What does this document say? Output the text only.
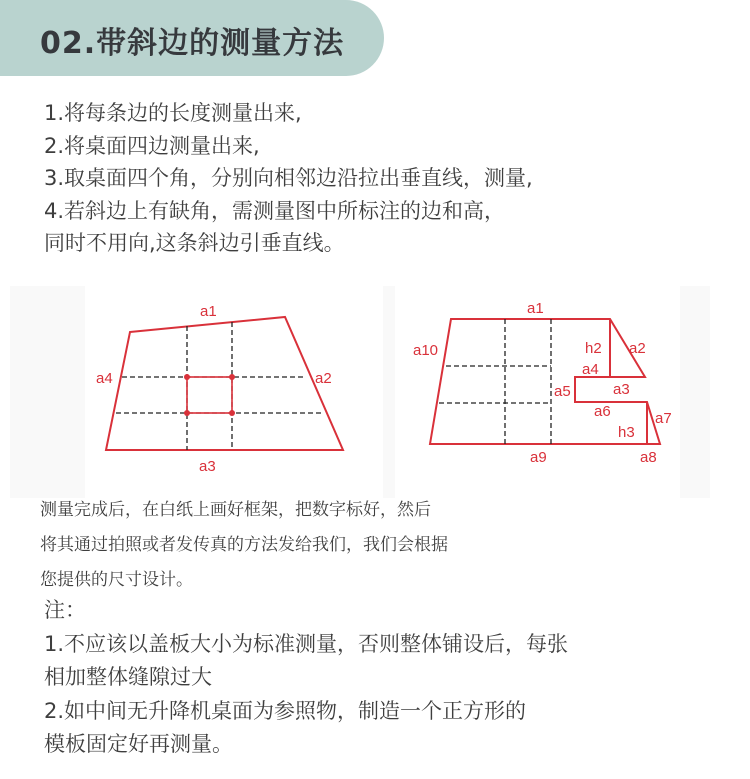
02.带斜边的测量方法
1.将每条边的长度测量出来,
2.将桌面四边测量出来,
3.取桌面四个角，分别向相邻边沿拉出垂直线，测量,
4.若斜边上有缺角，需测量图中所标注的边和高，
同时不用向,这条斜边引垂直线。
a1
a2
a3
a4
a1
a10	h2 a2
a4
a5	a3
a6	a7
h3
a9	a8
测量完成后，在白纸上画好框架，把数字标好，然后
将其通过拍照或者发传真的方法发给我们，我们会根据
您提供的尺寸设计。
注：
1.不应该以盖板大小为标准测量，否则整体铺设后，每张
相加整体缝隙过大
2.如中间无升降机桌面为参照物，制造一个正方形的
模板固定好再测量。
